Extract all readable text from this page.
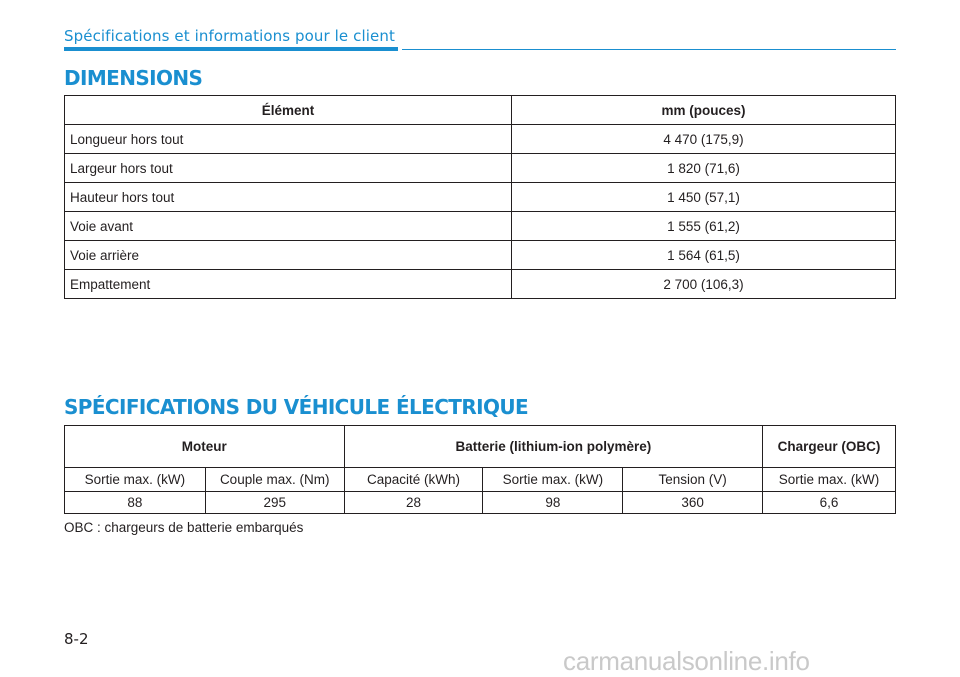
Spécifications et informations pour le client
DIMENSIONS
Élément	mm (pouces)
Longueur hors tout	4 470 (175,9)
Largeur hors tout	1 820 (71,6)
Hauteur hors tout	1 450 (57,1)
Voie avant	1 555 (61,2)
Voie arrière	1 564 (61,5)
Empattement	2 700 (106,3)
SPÉCIFICATIONS DU VÉHICULE ÉLECTRIQUE
Moteur		Batterie (lithium-ion polymère)			Chargeur (OBC)
Sortie max. (kW)	Couple max. (Nm)	Capacité (kWh)	Sortie max. (kW)	Tension (V)	Sortie max. (kW)
88	295	28	98	360	6,6
OBC : chargeurs de batterie embarqués
8-2
carmanualsonline.info
